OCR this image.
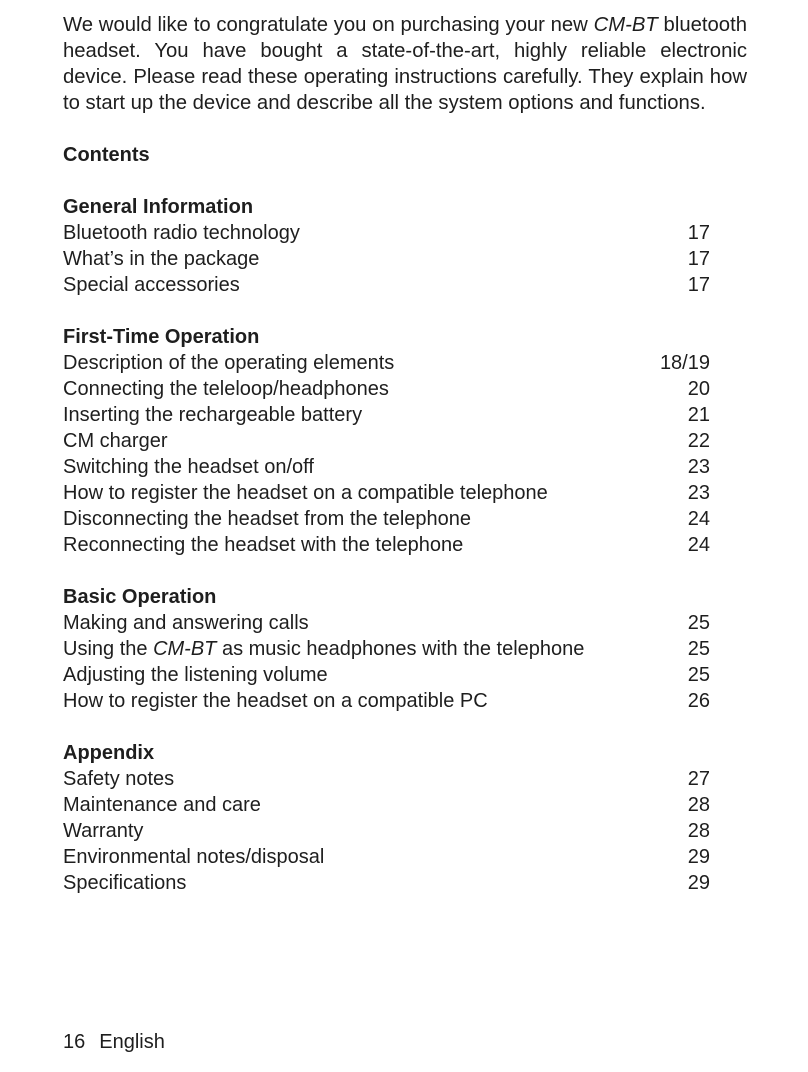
We would like to congratulate you on purchasing your new CM-BT bluetooth headset. You have bought a state-of-the-art, highly reliable electronic device. Please read these operating instructions carefully. They explain how to start up the device and describe all the system options and functions.

Contents
General Information
Bluetooth radio technology	17
What’s in the package	17
Special accessories	17
First-Time Operation
Description of the operating elements	18/19
Connecting the teleloop/headphones	20
Inserting the rechargeable battery	21
CM charger	22
Switching the headset on/off	23
How to register the headset on a compatible telephone	23
Disconnecting the headset from the telephone	24
Reconnecting the headset with the telephone	24
Basic Operation
Making and answering calls	25
Using the CM-BT as music headphones with the telephone	25
Adjusting the listening volume	25
How to register the headset on a compatible PC	26
Appendix
Safety notes	27
Maintenance and care	28
Warranty	28
Environmental notes/disposal	29
Specifications	29
16 English
